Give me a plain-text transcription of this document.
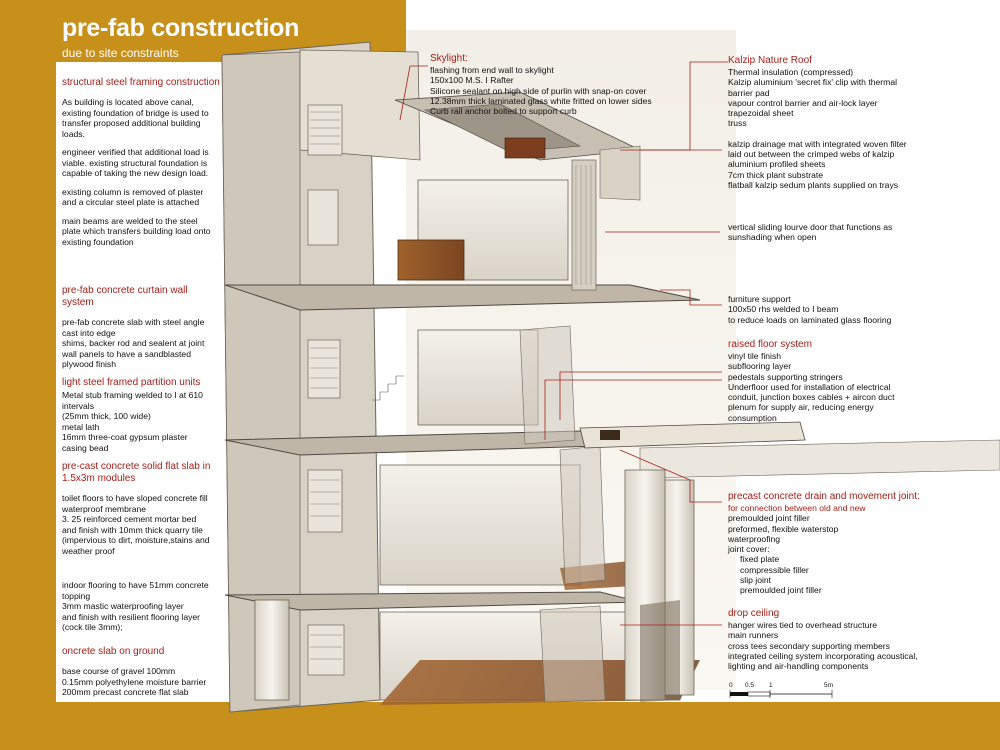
pre-fab construction
due to site constraints
structural steel framing construction
As building is located above canal,
existing foundation of bridge is used to
transfer proposed additional building
loads.
engineer verified that additional load is
viable. existing structural foundation is
capable of taking the new design load.
existing column is removed of plaster
and a circular steel plate is attached
main beams are welded to the steel
plate which transfers building load onto
existing foundation
pre-fab concrete curtain wall system
pre-fab concrete slab with steel angle
cast into edge
shims, backer rod and sealent at joint
wall panels to have a sandblasted
plywood finish
light steel framed partition units
Metal stub framing welded to I at 610
intervals
(25mm thick, 100 wide)
metal lath
16mm three-coat gypsum plaster
casing bead
pre-cast concrete solid flat slab in 1.5x3m modules
toilet floors to have sloped concrete fill
waterproof membrane
3. 25 reinforced cement mortar bed
and finish with 10mm thick quarry tile
(impervious to dirt, moisture,stains and
weather proof
indoor flooring to have 51mm concrete
topping
3mm mastic waterproofing layer
and finish with resilient flooring layer
(cock tile 3mm);
oncrete slab on ground
base course of gravel 100mm
0.15mm polyethylene moisture barrier
200mm precast concrete flat slab
Skylight:
flashing from end wall to skylight
150x100 M.S. I Rafter
Silicone sealant on high side of purlin with snap-on cover
12.38mm thick laminated glass white fritted on lower sides
Curb rail anchor bolted to support curb
Kalzip Nature Roof
Thermal insulation (compressed)
Kalzip aluminium 'secret fix' clip with thermal
barrier pad
vapour control barrier and air-lock layer
trapezoidal sheet
truss
kalzip drainage mat with integrated woven filter
laid out between the crimped webs of kalzip
aluminium profiled sheets
7cm thick plant substrate
flatball kalzip sedum plants supplied on trays
vertical sliding lourve door that functions as
sunshading when open
furniture support
100x50 rhs welded to I beam
to reduce loads on laminated glass flooring
raised floor system
vinyl tile finish
subflooring layer
pedestals supporting stringers
Underfloor used for installation of electrical
conduit, junction boxes cables + aircon duct
plenum for supply air, reducing energy
consumption
precast concrete drain and movement joint:
for connection between old and new
premoulded joint filler
preformed, flexible waterstop
waterproofing
joint cover:
fixed plate
compressible filler
slip joint
premoulded joint filler
drop ceiling
hanger wires tied to overhead structure
main runners
cross tees secondary supporting members
integrated ceiling system incorporating acoustical,
lighting and air-handling components
0 0.5 1	5m
